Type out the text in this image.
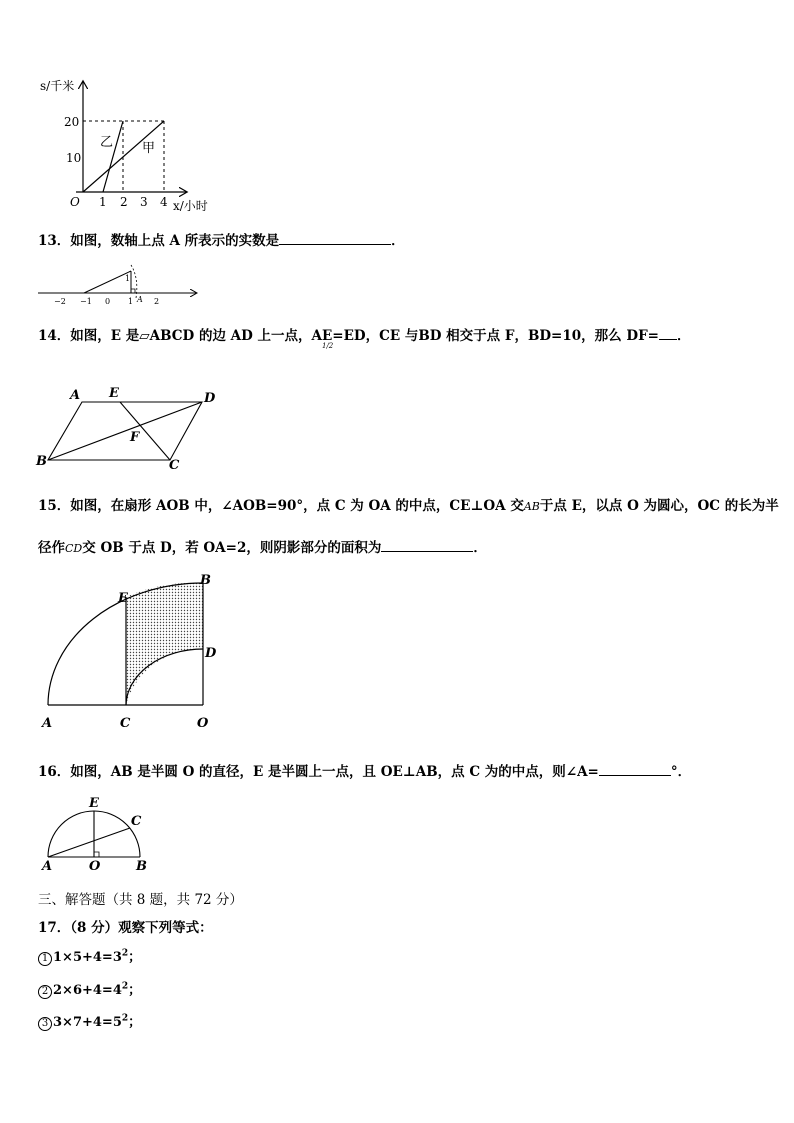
s/千米
x/小时
O
20
10
1 2 3 4
乙 甲
13．如图，数轴上点 A 所表示的实数是	．
−2 −1 0 1	2
A
1
14．如图，E 是▱ABCD 的边 AD 上一点，AE=ED，CE 与BD 相交于点 F，BD=10，那么 DF= ．
1/2
A E	D
B	C
F
15．如图，在扇形 AOB 中，∠AOB=90°，点 C 为 OA 的中点，CE⊥OA 交AB于点 E，以点 O 为圆心，OC 的长为半
径作CD交 OB 于点 D，若 OA=2，则阴影部分的面积为	．
E
B
D
A	C	O
16．如图，AB 是半圆 O 的直径，E 是半圆上一点，且 OE⊥AB，点 C 为的中点，则∠A=	°．
E
C
A	O	B
三、解答题（共 8 题，共 72 分）
17．（8 分）观察下列等式：
1 $1\times 5+4=3^2$；
2 $2\times 6+4=4^2$；
3 $3\times 7+4=5^2$；
